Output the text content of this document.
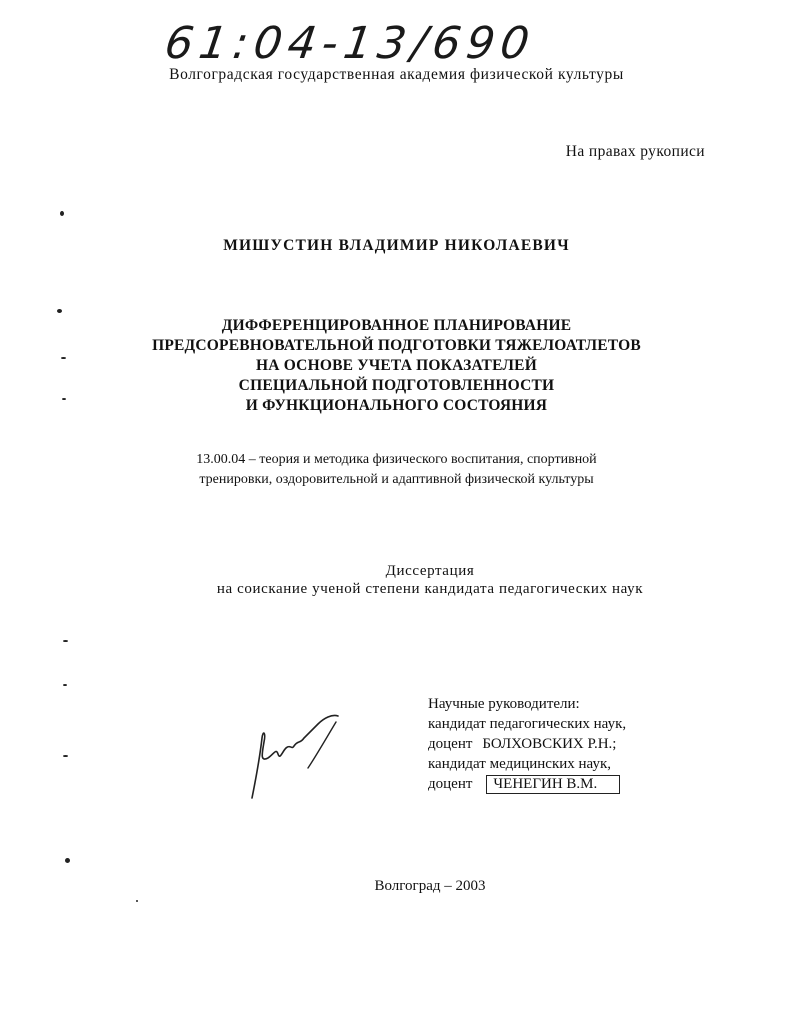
61:04-13/690
Волгоградская государственная академия физической культуры
На правах рукописи
МИШУСТИН ВЛАДИМИР НИКОЛАЕВИЧ
ДИФФЕРЕНЦИРОВАННОЕ ПЛАНИРОВАНИЕ
ПРЕДСОРЕВНОВАТЕЛЬНОЙ ПОДГОТОВКИ ТЯЖЕЛОАТЛЕТОВ
НА ОСНОВЕ УЧЕТА ПОКАЗАТЕЛЕЙ
СПЕЦИАЛЬНОЙ ПОДГОТОВЛЕННОСТИ
И ФУНКЦИОНАЛЬНОГО СОСТОЯНИЯ
13.00.04 – теория и методика физического воспитания, спортивной
тренировки, оздоровительной и адаптивной физической культуры
Диссертация
на соискание ученой степени кандидата педагогических наук
Научные руководители:
кандидат педагогических наук,
доцент БОЛХОВСКИХ Р.Н.;
кандидат медицинских наук,
доцент ЧЕНЕГИН В.М.
Волгоград – 2003
